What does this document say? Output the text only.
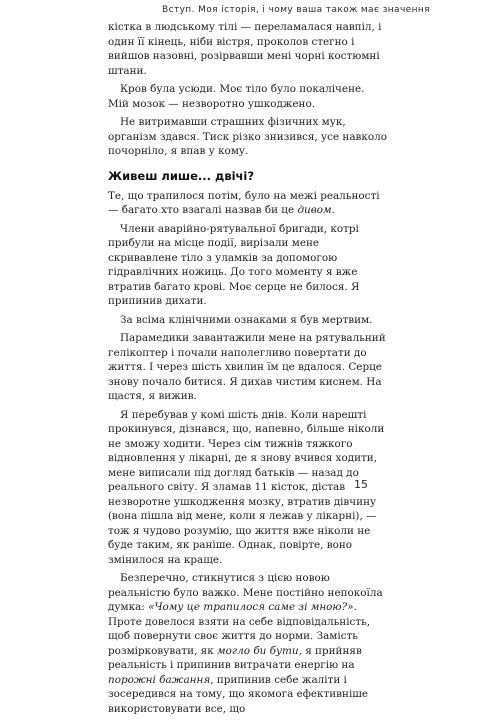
Вступ. Моя історія, і чому ваша також має значення

кістка в людському тілі — переламалася навпіл, і один її кінець, ніби вістря, проколов стегно і вийшов назовні, розірвавши мені чорні костюмні штани.

Кров була усюди. Моє тіло було покалічене. Мій мозок — незворотно ушкоджено.

Не витримавши страшних фізичних мук, організм здався. Тиск різко знизився, усе навколо почорніло, я впав у кому.

Живеш лише... двічі?

Те, що трапилося потім, було на межі реальності — багато хто взагалі назвав би це дивом.

Члени аварійно-рятувальної бригади, котрі прибули на місце події, вирізали мене скривавлене тіло з уламків за допомогою гідравлічних ножиць. До того моменту я вже втратив багато крові. Моє серце не билося. Я припинив дихати.

За всіма клінічними ознаками я був мертвим.

Парамедики завантажили мене на рятувальний гелікоптер і почали наполегливо повертати до життя. І через шість хвилин їм це вдалося. Серце знову почало битися. Я дихав чистим киснем. На щастя, я вижив.

Я перебував у комі шість днів. Коли нарешті прокинувся, дізнався, що, напевно, більше ніколи не зможу ходити. Через сім тижнів тяжкого відновлення у лікарні, де я знову вчився ходити, мене виписали під догляд батьків — назад до реального світу. Я зламав 11 кісток, дістав незворотне ушкодження мозку, втратив дівчину (вона пішла від мене, коли я лежав у лікарні), — тож я чудово розумію, що життя вже ніколи не буде таким, як раніше. Однак, повірте, воно змінилося на краще.

Безперечно, стикнутися з цією новою реальністю було важко. Мене постійно непокоїла думка: «Чому це трапилося саме зі мною?». Проте довелося взяти на себе відповідальність, щоб повернути своє життя до норми. Замість розмірковувати, як могло би бути, я прийняв реальність і припинив витрачати енергію на порожні бажання, припинив себе жаліти і зосередився на тому, що якомога ефективніше використовувати все, що

15
